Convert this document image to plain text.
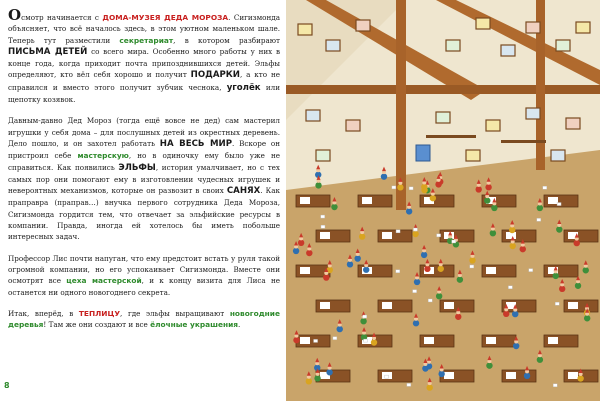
Осмотр начинается с ДОМА-МУЗЕЯ ДЕДА МОРОЗА. Сигизмонда объясняет, что всё началось здесь, в этом уютном маленьком шале. Теперь тут разместили секретариат, в котором разбирают ПИСЬМА ДЕТЕЙ со всего мира. Особенно много работы у них в конце года, когда приходит почта припозднившихся детей. Эльфы определяют, кто вёл себя хорошо и получит ПОДАРКИ, а кто не справился и вместо этого получит зубчик чеснока, уголёк или щепотку козявок.

Давным-давно Дед Мороз (тогда ещё вовсе не дед) сам мастерил игрушки у себя дома – для послушных детей из окрестных деревень. Дело пошло, и он захотел работать НА ВЕСЬ МИР. Вскоре он пристроил себе мастерскую, но в одиночку ему было уже не справиться. Как появились ЭЛЬФЫ, история умалчивает, но с тех самых пор они помогают ему в изготовлении чудесных игрушек и невероятных механизмов, которые он развозит в своих САНЯХ. Как праправра (праправ…) внучка первого сотрудника Деда Мороза, Сигизмонда гордится тем, что отвечает за эльфийские ресурсы в компании. Правда, иногда ей хотелось бы иметь побольше интересных задач.

Профессор Лис почти напуган, что ему предстоит встать у руля такой огромной компании, но его успокаивает Сигизмонда. Вместе они осмотрят все цеха мастерской, и к концу визита для Лиса не останется ни одного новогоднего секрета.

Итак, вперёд, в ТЕПЛИЦУ, где эльфы выращивают новогодние деревья! Там же они создают и все ёлочные украшения.

8
